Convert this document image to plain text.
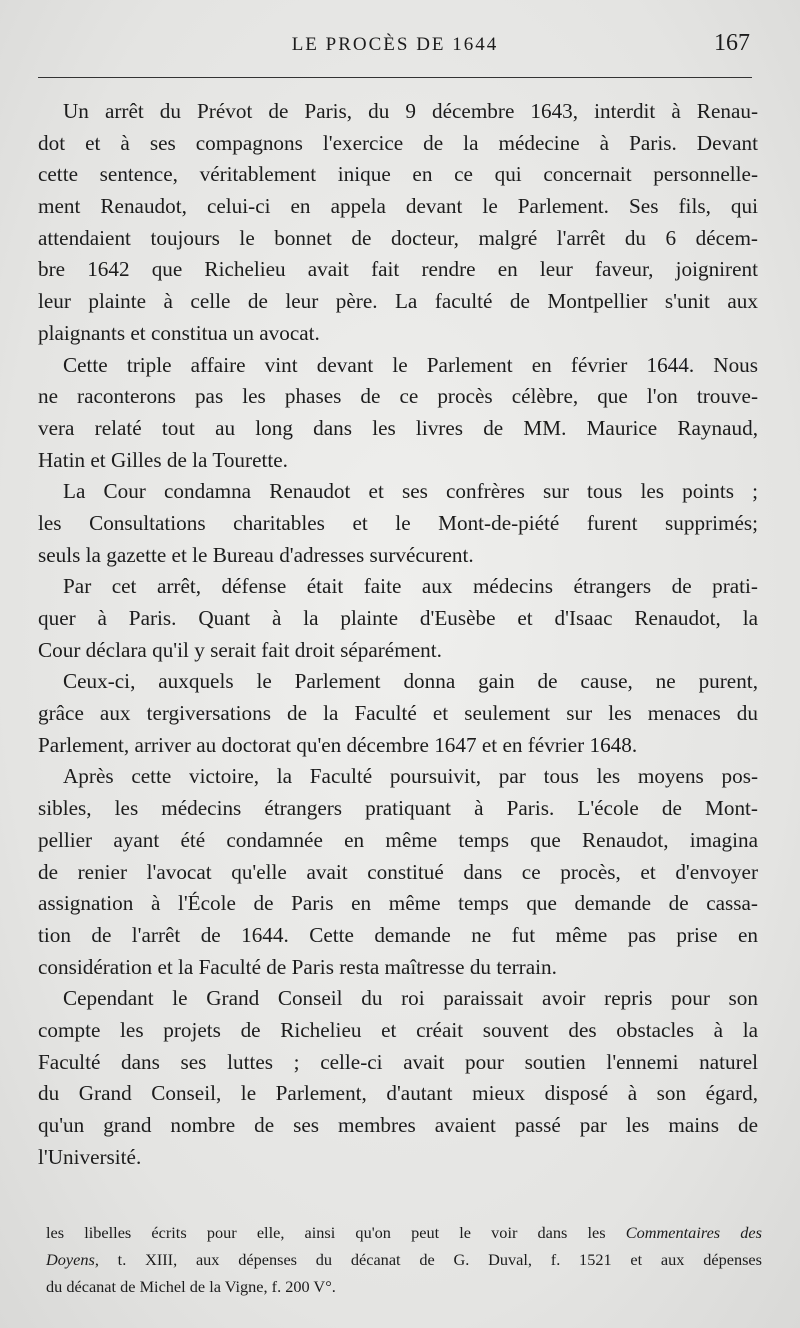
LE PROCÈS DE 1644	167
Un arrêt du Prévot de Paris, du 9 décembre 1643, interdit à Renau-
dot et à ses compagnons l'exercice de la médecine à Paris. Devant
cette sentence, véritablement inique en ce qui concernait personnelle-
ment Renaudot, celui-ci en appela devant le Parlement. Ses fils, qui
attendaient toujours le bonnet de docteur, malgré l'arrêt du 6 décem-
bre 1642 que Richelieu avait fait rendre en leur faveur, joignirent
leur plainte à celle de leur père. La faculté de Montpellier s'unit aux
plaignants et constitua un avocat.
Cette triple affaire vint devant le Parlement en février 1644. Nous
ne raconterons pas les phases de ce procès célèbre, que l'on trouve-
vera relaté tout au long dans les livres de MM. Maurice Raynaud,
Hatin et Gilles de la Tourette.
La Cour condamna Renaudot et ses confrères sur tous les points ;
les Consultations charitables et le Mont-de-piété furent supprimés;
seuls la gazette et le Bureau d'adresses survécurent.
Par cet arrêt, défense était faite aux médecins étrangers de prati-
quer à Paris. Quant à la plainte d'Eusèbe et d'Isaac Renaudot, la
Cour déclara qu'il y serait fait droit séparément.
Ceux-ci, auxquels le Parlement donna gain de cause, ne purent,
grâce aux tergiversations de la Faculté et seulement sur les menaces du
Parlement, arriver au doctorat qu'en décembre 1647 et en février 1648.
Après cette victoire, la Faculté poursuivit, par tous les moyens pos-
sibles, les médecins étrangers pratiquant à Paris. L'école de Mont-
pellier ayant été condamnée en même temps que Renaudot, imagina
de renier l'avocat qu'elle avait constitué dans ce procès, et d'envoyer
assignation à l'École de Paris en même temps que demande de cassa-
tion de l'arrêt de 1644. Cette demande ne fut même pas prise en
considération et la Faculté de Paris resta maîtresse du terrain.
Cependant le Grand Conseil du roi paraissait avoir repris pour son
compte les projets de Richelieu et créait souvent des obstacles à la
Faculté dans ses luttes ; celle-ci avait pour soutien l'ennemi naturel
du Grand Conseil, le Parlement, d'autant mieux disposé à son égard,
qu'un grand nombre de ses membres avaient passé par les mains de
l'Université.
les libelles écrits pour elle, ainsi qu'on peut le voir dans les Commentaires des
Doyens, t. XIII, aux dépenses du décanat de G. Duval, f. 1521 et aux dépenses
du décanat de Michel de la Vigne, f. 200 V°.
